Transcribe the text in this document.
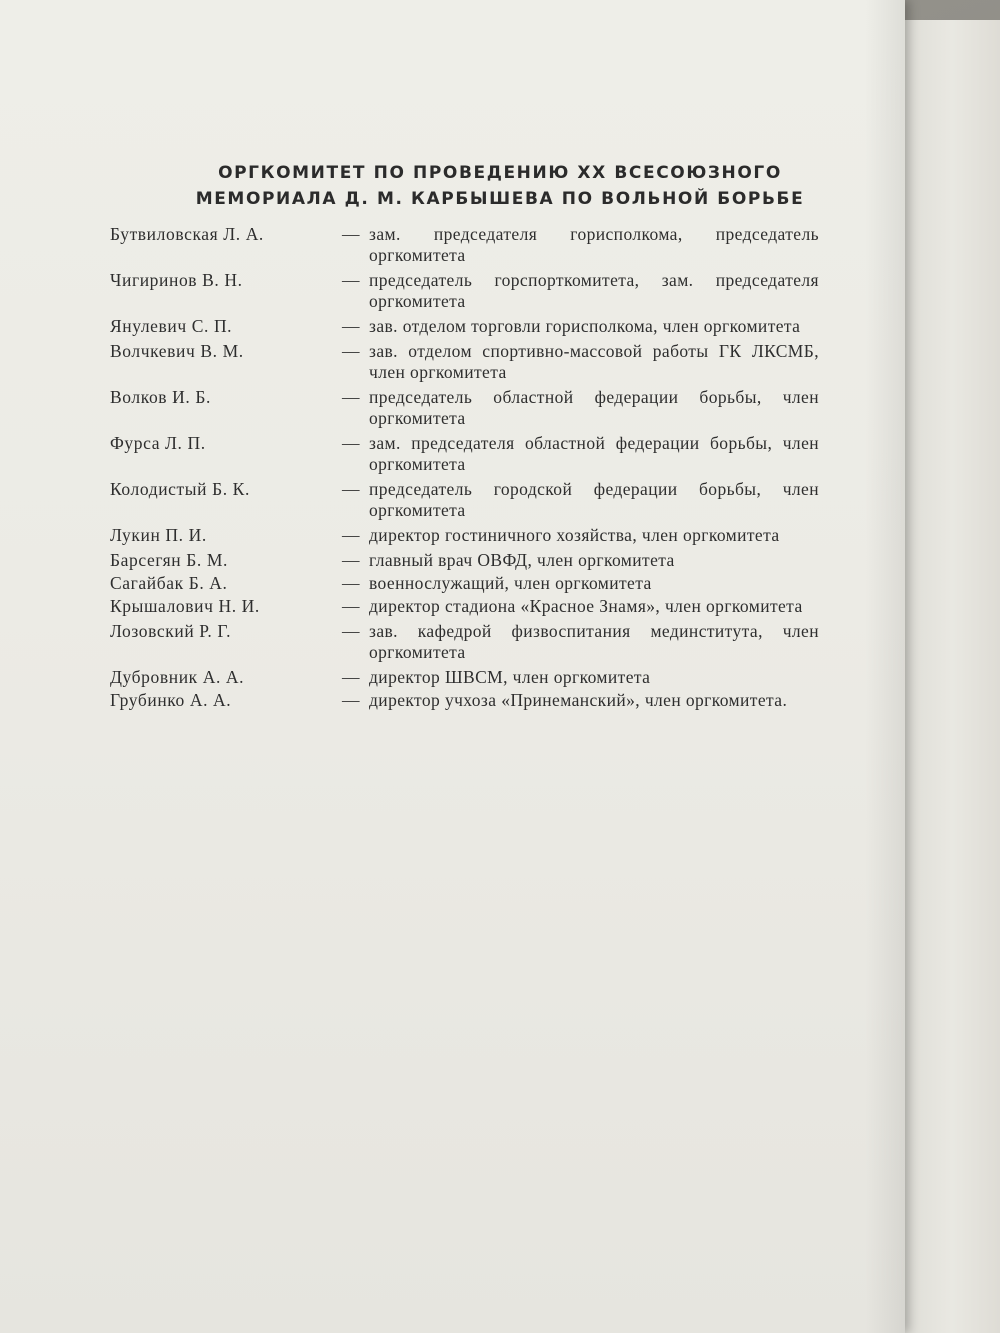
ОРГКОМИТЕТ ПО ПРОВЕДЕНИЮ XX ВСЕСОЮЗНОГО
МЕМОРИАЛА Д. М. КАРБЫШЕВА ПО ВОЛЬНОЙ БОРЬБЕ
Бутвиловская Л. А.	— зам. председателя горисполкома, председатель оргкомитета
Чигиринов В. Н.	— председатель горспорткомитета, зам. председателя оргкомитета
Янулевич С. П.	— зав. отделом торговли горисполкома, член оргкомитета
Волчкевич В. М.	— зав. отделом спортивно-массовой работы ГК ЛКСМБ, член оргкомитета
Волков И. Б.	— председатель областной федерации борьбы, член оргкомитета
Фурса Л. П.	— зам. председателя областной федерации борьбы, член оргкомитета
Колодистый Б. К.	— председатель городской федерации борьбы, член оргкомитета
Лукин П. И.	— директор гостиничного хозяйства, член оргкомитета
Барсегян Б. М.	— главный врач ОВФД, член оргкомитета
Сагайбак Б. А.	— военнослужащий, член оргкомитета
Крышалович Н. И.	— директор стадиона «Красное Знамя», член оргкомитета
Лозовский Р. Г.	— зав. кафедрой физвоспитания мединститута, член оргкомитета
Дубровник А. А.	— директор ШВСМ, член оргкомитета
Грубинко А. А.	— директор учхоза «Принеманский», член оргкомитета.
